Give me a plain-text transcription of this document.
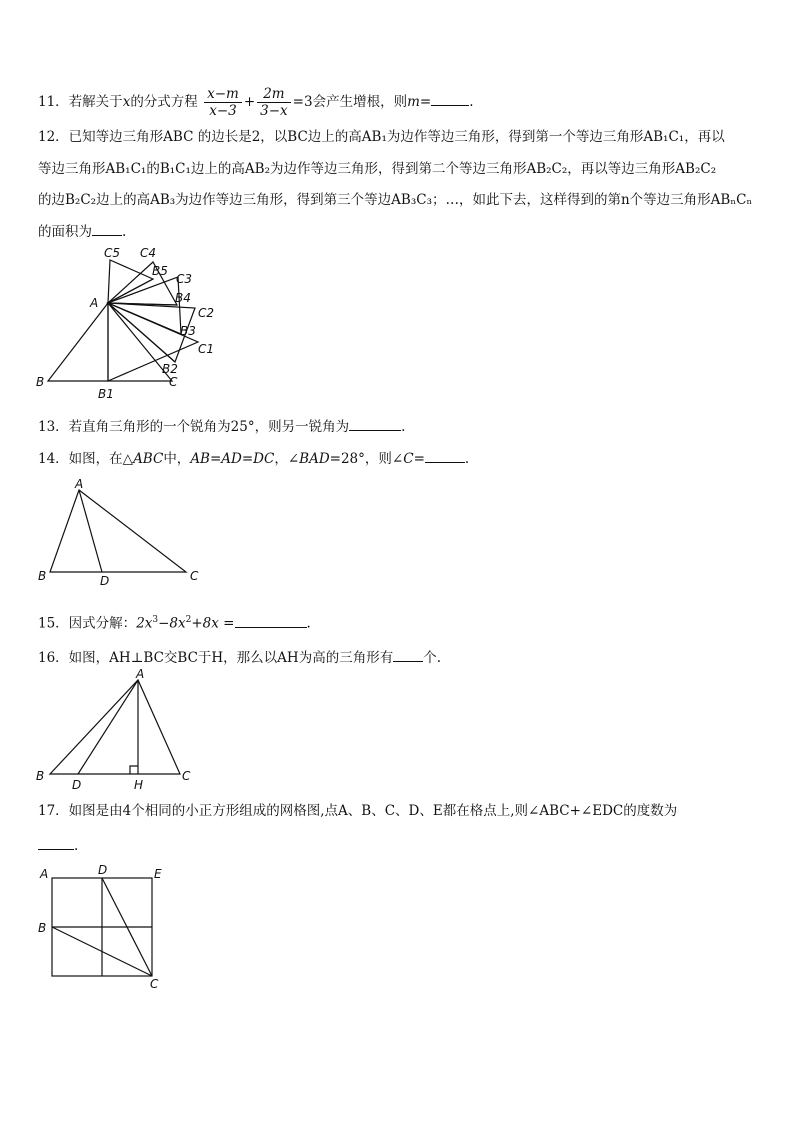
11．若解关于x的分式方程 $\frac{x-m}{x-3} + \frac{2m}{3-x} =3$会产生增根，则m=	.
12．已知等边三角形ABC 的边长是2，以BC边上的高AB₁为边作等边三角形，得到第一个等边三角形AB₁C₁，再以
等边三角形AB₁C₁的B₁C₁边上的高AB₂为边作等边三角形，得到第二个等边三角形AB₂C₂，再以等边三角形AB₂C₂
的边B₂C₂边上的高AB₃为边作等边三角形，得到第三个等边AB₃C₃；…，如此下去，这样得到的第n个等边三角形ABₙCₙ
的面积为 .
C5 C4
B5
C3
A	B4
C2
B3
C1
B2
B	C
B1
13．若直角三角形的一个锐角为25°，则另一锐角为	.
14．如图，在△ABC中，AB=AD=DC，∠BAD=28°，则∠C=	.
A
B	D	C
15．因式分解：$2x^3-8x^2+8x$ =	.
16．如图，AH⊥BC交BC于H，那么以AH为高的三角形有 个.
A
B
D	H
C
17．如图是由4个相同的小正方形组成的网格图,点A、B、C、D、E都在格点上,则∠ABC+∠EDC的度数为
.
A	D	E
B
C
